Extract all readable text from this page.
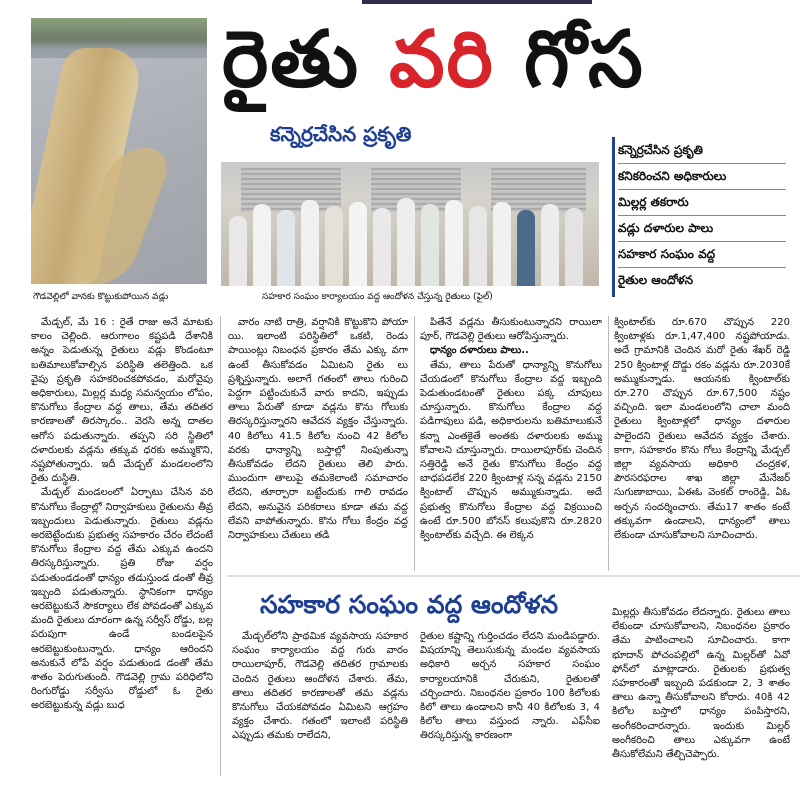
గౌడవెల్లిలో వానకు కొట్టుకుపోయిన వడ్లు
రైతు వరి గోస
కన్నెర్రచేసిన ప్రకృతి
సహకార సంఘం కార్యాలయం వద్ద ఆందోళన చేస్తున్న రైతులు (ఫైల్)
కన్నెర్రచేసిన ప్రకృతి
కనికరించని అధికారులు
మిల్లర్ల తకరారు
వడ్లు దళారుల పాలు
సహకార సంఘం వద్ద
రైతుల ఆందోళన

మేడ్చల్, మే 16 : రైతే రాజు అనే మాటకు కాలం చెల్లింది. ఆరుగాలం కష్టపడి దేశానికి అన్నం పెడుతున్న రైతులు వడ్లు కొండంటూ బతిమాలుకోవాల్సిన పరిస్థితి తలెత్తింది. ఒక వైపు ప్రకృతి సహకరించకపోవడం, మరోవైపు అధికారులు, మిల్లర్ల మధ్య సమన్వయం లోపం, కొనుగోలు కేంద్రాల వద్ద తాలు, తేమ తదితర కారణాలతో తిరస్కారం.. వెరసి అన్న దాతల ఆగోస పడుతున్నారు. తప్పని సరి స్థితిలో దళారులకు వడ్లను తక్కువ ధరకు అమ్ముకొని, నష్టపోతున్నారు. ఇదీ మేడ్చల్ మండలంలోని రైతు దుస్థితి.

మేడ్చల్ మండలంలో ఏర్పాటు చేసిన వరి కొనుగోలు కేంద్రాల్లో నిర్వాహకులు రైతులను తీవ్ర ఇబ్బందులు పెడుతున్నారు. రైతులు వడ్లను అరబెట్టేందుకు ప్రభుత్వ సహకారం చేరం లేదంటే కొనుగోలు కేంద్రాల వద్ద తేమ ఎక్కువ ఉందని తిరస్కరిస్తున్నారు. ప్రతి రోజు వర్షం పడుతుండడంతో ధాన్యం తడుస్తుండ డంతో తీవ్ర ఇబ్బంది పడుతున్నారు. స్థానికంగా ధాన్యం ఆరబెట్టుకునే సౌకర్యాలు లేక పోవడంతో ఎక్కువ మంది రైతులు దూరంగా ఉన్న సర్వీస్ రోడ్డు, బల్ల పరుపుగా ఉండే బండలపైన ఆరబెట్టుకుంటున్నారు. ధాన్యం ఆరిందని అనుకునే లోపే వర్షం పడుతుండ డంతో తేమ శాతం పెరుగుతుంది. గౌడవెల్లి గ్రామ పరిధిలోని రింగురోడ్డు సర్వీసు రోడ్డులో ఓ రైతు అరబెట్టుకున్న వడ్లు బుధ

వారం నాటి రాత్రి, వర్షానికి కొట్టుకొని పోయా యి. ఇలాంటి పరిస్థితిలో ఒకటి, రెండు పాయింట్లు నిబంధన ప్రకారం తేమ ఎక్కు వగా ఉంటే తీసుకోవడం ఏమిటని రైతు లు ప్రశ్నిస్తున్నారు. అలాగే గతంలో తాలు గురించి పెద్దగా పట్టించుకునే వారు కాదని, ఇప్పుడు తాలు పేరుతో కూడా వడ్లను కొను గోలుకు తిరస్కరిస్తున్నారని ఆవేదన వ్యక్తం చేస్తున్నారు. 40 కిలోలు 41.5 కిలోల నుంచి 42 కిలోల వరకు ధాన్యాన్ని బస్తాల్లో నింపుతున్నా తీసుకోవడం లేదని రైతులు తెలి పారు. ముందుగా తాలుపై తమకెలాంటి సమాచారం లేదని, తూర్పారా బట్టేందుకు గాలి రావడం లేదని, అనువైన పరికరాలు కూడా తమ వద్ద లేవని వాపోతున్నారు. కొను గోలు కేంద్రం వద్ద నిర్వాహకులు చేతులు తడి

పితేనే వడ్లను తీసుకుంటున్నారని రాయిలా పూర్, గౌడవెల్లి రైతులు ఆరోపిస్తున్నారు.

ధాన్యం దళారులు పాలు..

తేమ, తాలు పేరుతో ధాన్యాన్ని కొనుగోలు చేయడంలో కొనుగోలు కేంద్రాల వద్ద ఇబ్బంది పెడుతుండటంతో రైతులు పక్క చూపులు చూస్తున్నారు. కొనుగోలు కేంద్రాల వద్ద పడిగాపులు పడి, అధికారులను బతిమాలుకునే కన్నా ఎంతకైతే అంతకు దళారులకు అమ్ము కోవాలని చూస్తున్నారు. రాయిలాపూర్‌కు చెందిన సత్తిరెడ్డి అనే రైతు కొనుగోలు కేంద్రం వద్ద బాధపడలేక 220 క్వింటాళ్ల సన్న వడ్లను 2150 క్వింటాల్ చొప్పున అమ్ముకున్నాడు. అదే ప్రభుత్వ కొనుగోలు కేంద్రాల వద్ద విక్రయించి ఉంటే రూ.500 బోనస్ కలుపుకొని రూ.2820 క్వింటాల్‌కు వచ్చేది. ఈ లెక్కన

క్వింటాల్‌కు రూ.670 చొప్పున 220 క్వింటాళ్లకు రూ.1,47,400 నష్టపోయాడు. అదే గ్రామానికి చెందిన మరో రైతు శేఖర్ రెడ్డి 250 క్వింటాళ్ల దొడ్డు రకం వడ్లను రూ.2030కే అమ్ముకున్నాడు. ఆయనకు క్వింటాల్‌కు రూ.270 చొప్పున రూ.67,500 నష్టం వచ్చింది. ఇలా మండలంలోని చాలా మంది రైతులు క్వింటాళ్లలో ధాన్యం దళారుల పాలైందని రైతులు ఆవేదన వ్యక్తం చేశారు. కాగా, సహకారం కొను గోలు కేంద్రాన్ని మేడ్చల్ జిల్లా వ్యవసాయ అధికారి చంద్రకళ, పౌరసరఫరాల శాఖ జిల్లా మేనేజర్ సుగుణాబాయి, ఏఈఓ వెంకట్ రాంరెడ్డి, ఏఓ అర్చన సందర్శించారు. తేమ17 శాతం కంటే తక్కువగా ఉండాలని, ధాన్యంలో తాలు లేకుండా చూసుకోవాలని సూచించారు.

సహకార సంఘం వద్ద ఆందోళన

మేడ్చల్‌లోని ప్రాథమిక వ్యవసాయ సహకార సంఘం కార్యాలయం వద్ద గురు వారం రాయిలాపూర్, గౌడవెల్లి తదితర గ్రామాలకు చెందిన రైతులు ఆందోళన చేశారు. తేమ, తాలు తదితర కారణాలతో తమ వడ్లను కొనుగోలు చేయకపోవడం ఏమిటని ఆగ్రహం వ్యక్తం చేశారు. గతంలో ఇలాంటి పరిస్థితి ఎప్పుడు తమకు రాలేదని,

రైతుల కష్టాన్ని గుర్తించడం లేదని మండిపడ్డారు. విషయాన్ని తెలుసుకున్న మండల వ్యవసాయ అధికారి అర్చన సహకార సంఘం కార్యాలయానికి చేరుకుని, రైతులతో చర్చించారు. నిబంధనల ప్రకారం 100 కిలోలకు కిలో తాలు ఉండాలని కానీ 40 కిలోలకు 3, 4 కిలోల తాలు వస్తుంద న్నారు. ఎఫ్‌సీఐ తిరస్కరిస్తున్న కారణంగా

మిల్లర్లు తీసుకోవడం లేదన్నారు. రైతులు తాలు లేకుండా చూసుకోవాలని, నిబంధనల ప్రకారం తేమ పాటించాలని సూచించారు. కాగా భూదాన్ పోచంపల్లిలో ఉన్న మిల్లర్‌తో ఏవో ఫోన్‌లో మాట్లాడారు. రైతులకు ప్రభుత్వ సహకారంతో ఇబ్బంది పడకుండా 2, 3 శాతం తాలు ఉన్నా తీసుకోవాలని కోరారు. 40కి 42 కిలోల బస్తాలో ధాన్యం పంపిస్తారని, అంగీకరించారన్నారు. ఇందుకు మిల్లర్ అంగీకరించి తాలు ఎక్కువగా ఉంటే తీసుకోలేమని తేల్చిచెప్పారు.
